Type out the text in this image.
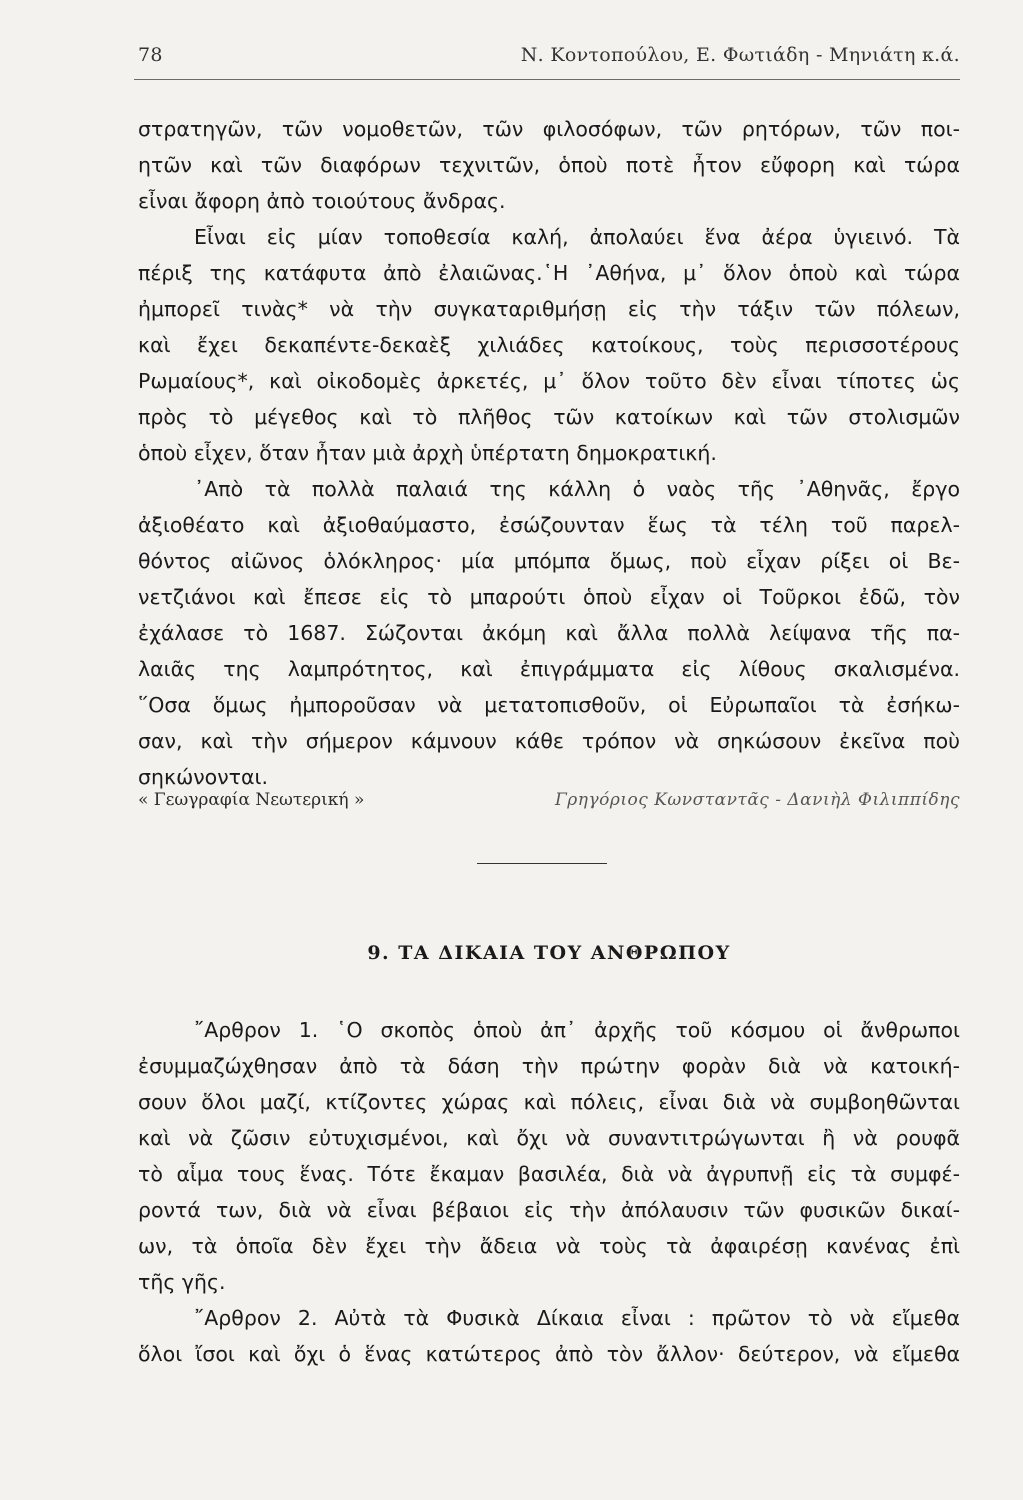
78	Ν. Κοντοπούλου, Ε. Φωτιάδη - Μηνιάτη κ.ά.
στρατηγῶν, τῶν νομοθετῶν, τῶν φιλοσόφων, τῶν ρητόρων, τῶν ποι-
ητῶν καὶ τῶν διαφόρων τεχνιτῶν, ὁποὺ ποτὲ ἦτον εὔφορη καὶ τώρα
εἶναι ἄφορη ἀπὸ τοιούτους ἄνδρας.
Εἶναι εἰς μίαν τοποθεσία καλή, ἀπολαύει ἕνα ἀέρα ὑγιεινό. Τὰ
πέριξ της κατάφυτα ἀπὸ ἐλαιῶνας.῾Η ᾿Αθήνα, μ᾿ ὅλον ὁποὺ καὶ τώρα
ἠμπορεῖ τινὰς* νὰ τὴν συγκαταριθμήσῃ εἰς τὴν τάξιν τῶν πόλεων,
καὶ ἔχει δεκαπέντε-δεκαὲξ χιλιάδες κατοίκους, τοὺς περισσοτέρους
Ρωμαίους*, καὶ οἰκοδομὲς ἀρκετές, μ᾿ ὅλον τοῦτο δὲν εἶναι τίποτες ὡς
πρὸς τὸ μέγεθος καὶ τὸ πλῆθος τῶν κατοίκων καὶ τῶν στολισμῶν
ὁποὺ εἶχεν, ὅταν ἦταν μιὰ ἀρχὴ ὑπέρτατη δημοκρατική.
᾿Απὸ τὰ πολλὰ παλαιά της κάλλη ὁ ναὸς τῆς ᾿Αθηνᾶς, ἔργο
ἀξιοθέατο καὶ ἀξιοθαύμαστο, ἐσώζουνταν ἕως τὰ τέλη τοῦ παρελ-
θόντος αἰῶνος ὁλόκληρος· μία μπόμπα ὅμως, ποὺ εἶχαν ρίξει οἱ Βε-
νετζιάνοι καὶ ἔπεσε εἰς τὸ μπαρούτι ὁποὺ εἶχαν οἱ Τοῦρκοι ἐδῶ, τὸν
ἐχάλασε τὸ 1687. Σώζονται ἀκόμη καὶ ἄλλα πολλὰ λείψανα τῆς πα-
λαιᾶς της λαμπρότητος, καὶ ἐπιγράμματα εἰς λίθους σκαλισμένα.
῞Οσα ὅμως ἠμποροῦσαν νὰ μετατοπισθοῦν, οἱ Εὐρωπαῖοι τὰ ἐσήκω-
σαν, καὶ τὴν σήμερον κάμνουν κάθε τρόπον νὰ σηκώσουν ἐκεῖνα ποὺ
σηκώνονται.
« Γεωγραφία Νεωτερική »	Γρηγόριος Κωνσταντᾶς - Δανιὴλ Φιλιππίδης
9. ΤΑ ΔΙΚΑΙΑ ΤΟΥ ΑΝΘΡΩΠΟΥ
῎Αρθρον 1. ῾Ο σκοπὸς ὁποὺ ἀπ᾿ ἀρχῆς τοῦ κόσμου οἱ ἄνθρωποι
ἐσυμμαζώχθησαν ἀπὸ τὰ δάση τὴν πρώτην φορὰν διὰ νὰ κατοική-
σουν ὅλοι μαζί, κτίζοντες χώρας καὶ πόλεις, εἶναι διὰ νὰ συμβοηθῶνται
καὶ νὰ ζῶσιν εὐτυχισμένοι, καὶ ὄχι νὰ συναντιτρώγωνται ἢ νὰ ρουφᾶ
τὸ αἷμα τους ἕνας. Τότε ἔκαμαν βασιλέα, διὰ νὰ ἀγρυπνῇ εἰς τὰ συμφέ-
ροντά των, διὰ νὰ εἶναι βέβαιοι εἰς τὴν ἀπόλαυσιν τῶν φυσικῶν δικαί-
ων, τὰ ὁποῖα δὲν ἔχει τὴν ἄδεια νὰ τοὺς τὰ ἀφαιρέσῃ κανένας ἐπὶ
τῆς γῆς.
῎Αρθρον 2. Αὐτὰ τὰ Φυσικὰ Δίκαια εἶναι : πρῶτον τὸ νὰ εἴμεθα
ὅλοι ἴσοι καὶ ὄχι ὁ ἕνας κατώτερος ἀπὸ τὸν ἄλλον· δεύτερον, νὰ εἴμεθα
